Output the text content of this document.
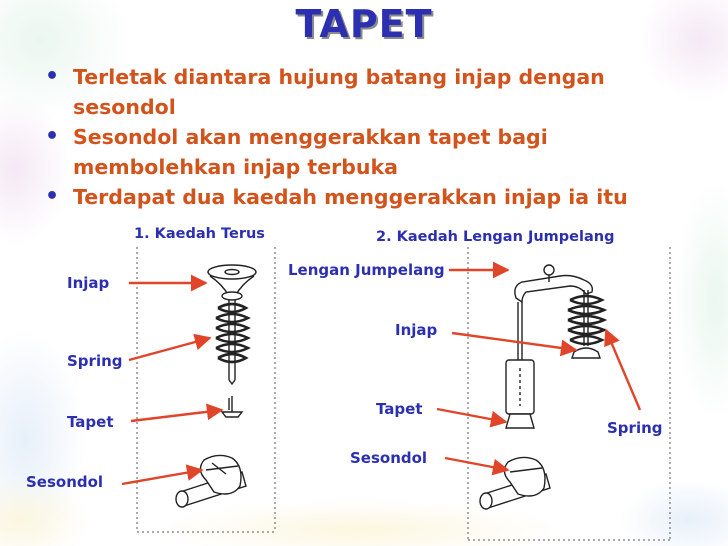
TAPET
• Terletak diantara hujung batang injap dengan sesondol
• Sesondol akan menggerakkan tapet bagi membolehkan injap terbuka
• Terdapat dua kaedah menggerakkan injap ia itu
1. Kaedah Terus	2. Kaedah Lengan Jumpelang
Injap
Spring
Tapet
Sesondol
Lengan Jumpelang
Injap
Tapet
Sesondol
Spring
